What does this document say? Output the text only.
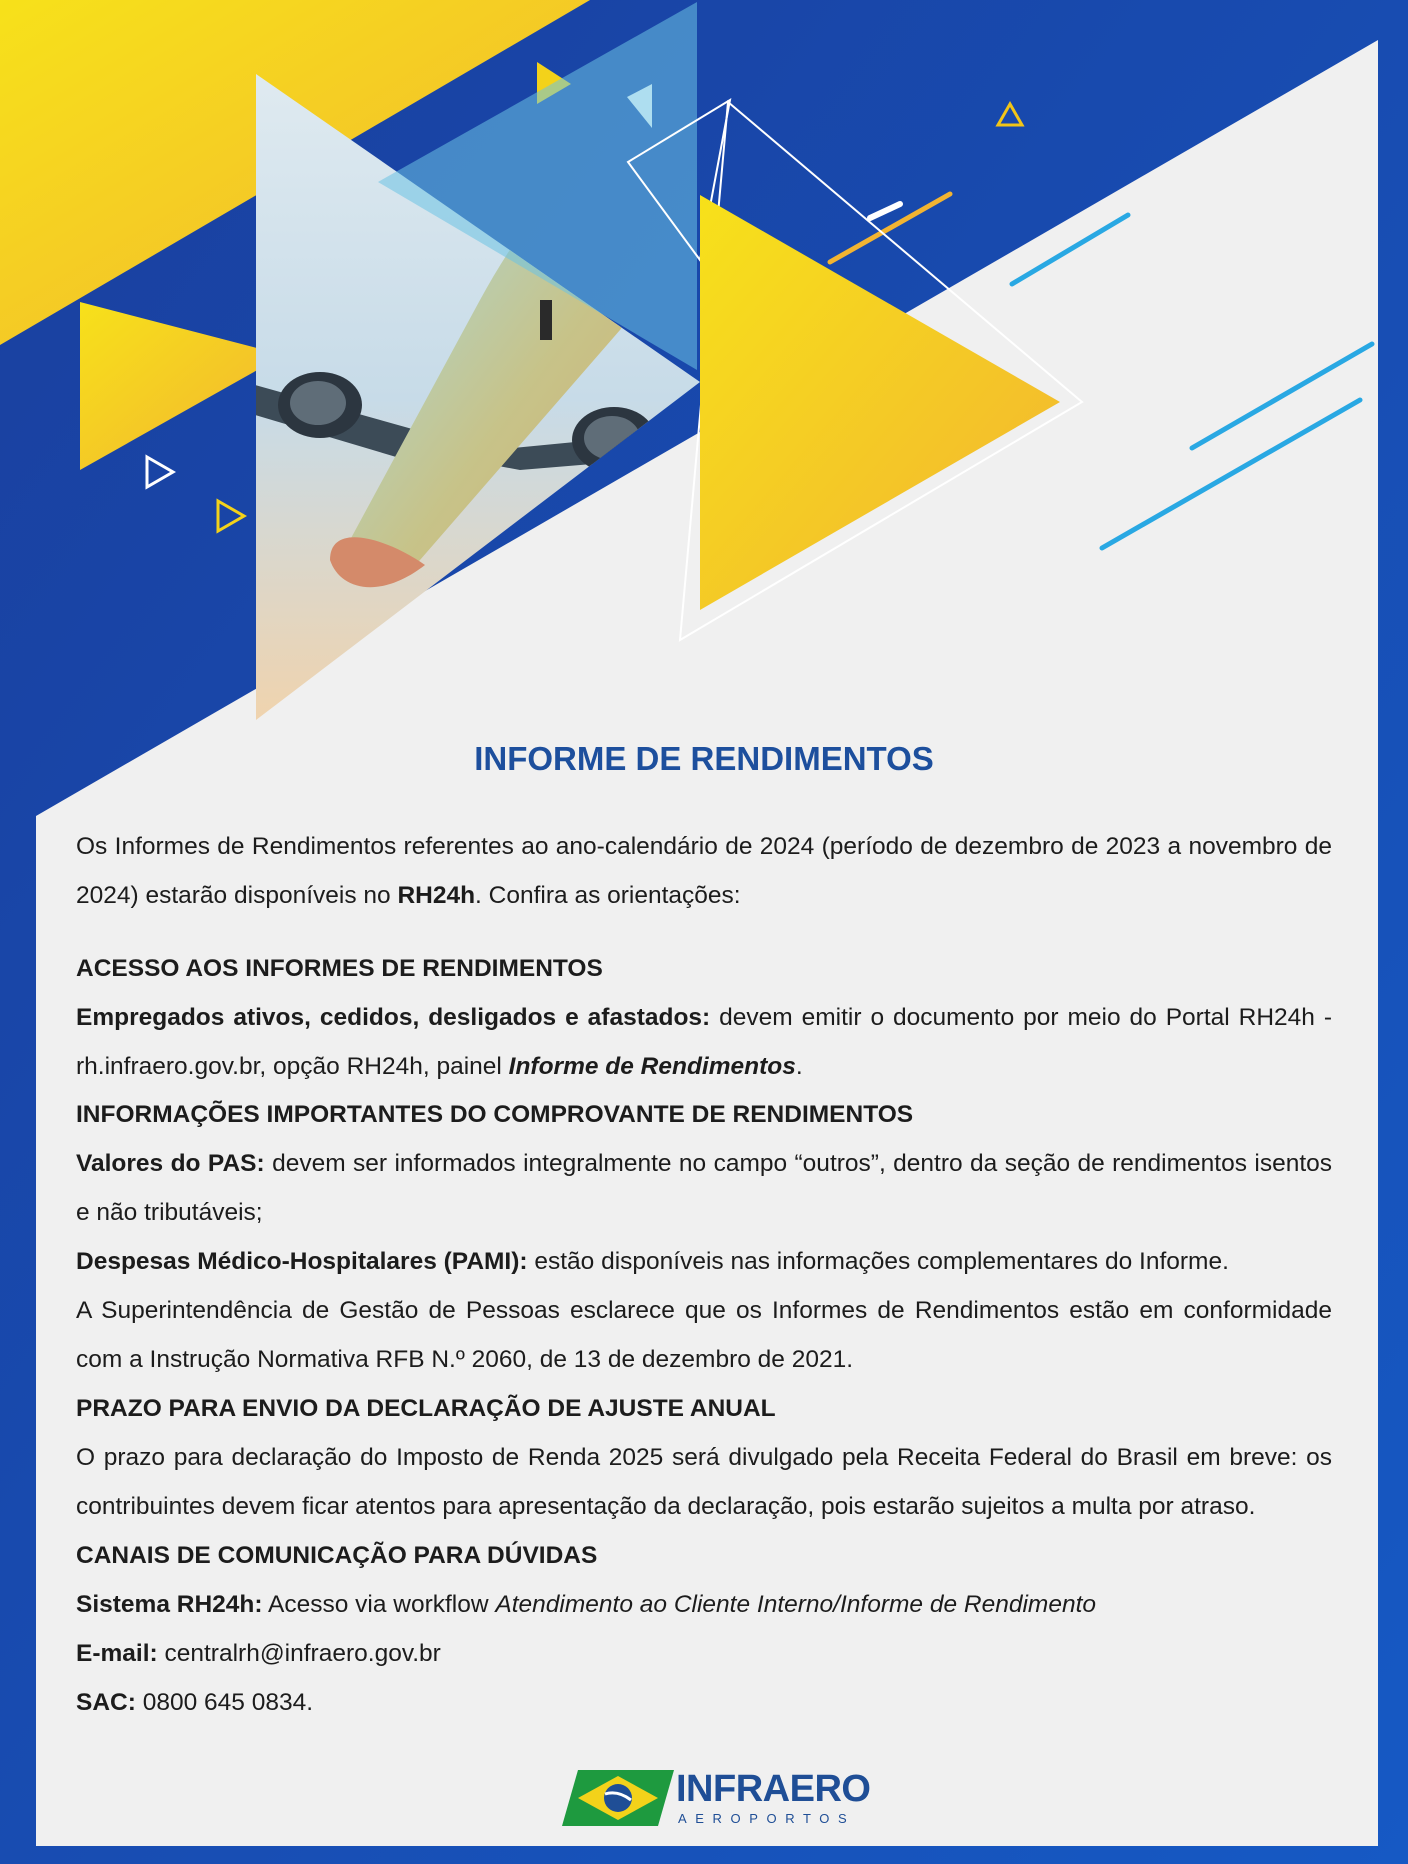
INFORME DE RENDIMENTOS

Os Informes de Rendimentos referentes ao ano-calendário de 2024 (período de dezembro de 2023 a novembro de 2024) estarão disponíveis no RH24h. Confira as orientações:

ACESSO AOS INFORMES DE RENDIMENTOS

Empregados ativos, cedidos, desligados e afastados: devem emitir o documento por meio do Portal RH24h - rh.infraero.gov.br, opção RH24h, painel Informe de Rendimentos.

INFORMAÇÕES IMPORTANTES DO COMPROVANTE DE RENDIMENTOS

Valores do PAS: devem ser informados integralmente no campo “outros”, dentro da seção de rendimentos isentos e não tributáveis;

Despesas Médico-Hospitalares (PAMI): estão disponíveis nas informações complementares do Informe.

A Superintendência de Gestão de Pessoas esclarece que os Informes de Rendimentos estão em conformidade com a Instrução Normativa RFB N.º 2060, de 13 de dezembro de 2021.

PRAZO PARA ENVIO DA DECLARAÇÃO DE AJUSTE ANUAL

O prazo para declaração do Imposto de Renda 2025 será divulgado pela Receita Federal do Brasil em breve: os contribuintes devem ficar atentos para apresentação da declaração, pois estarão sujeitos a multa por atraso.

CANAIS DE COMUNICAÇÃO PARA DÚVIDAS

Sistema RH24h: Acesso via workflow Atendimento ao Cliente Interno/Informe de Rendimento

E-mail: centralrh@infraero.gov.br

SAC: 0800 645 0834.

INFRAERO
AEROPORTOS
